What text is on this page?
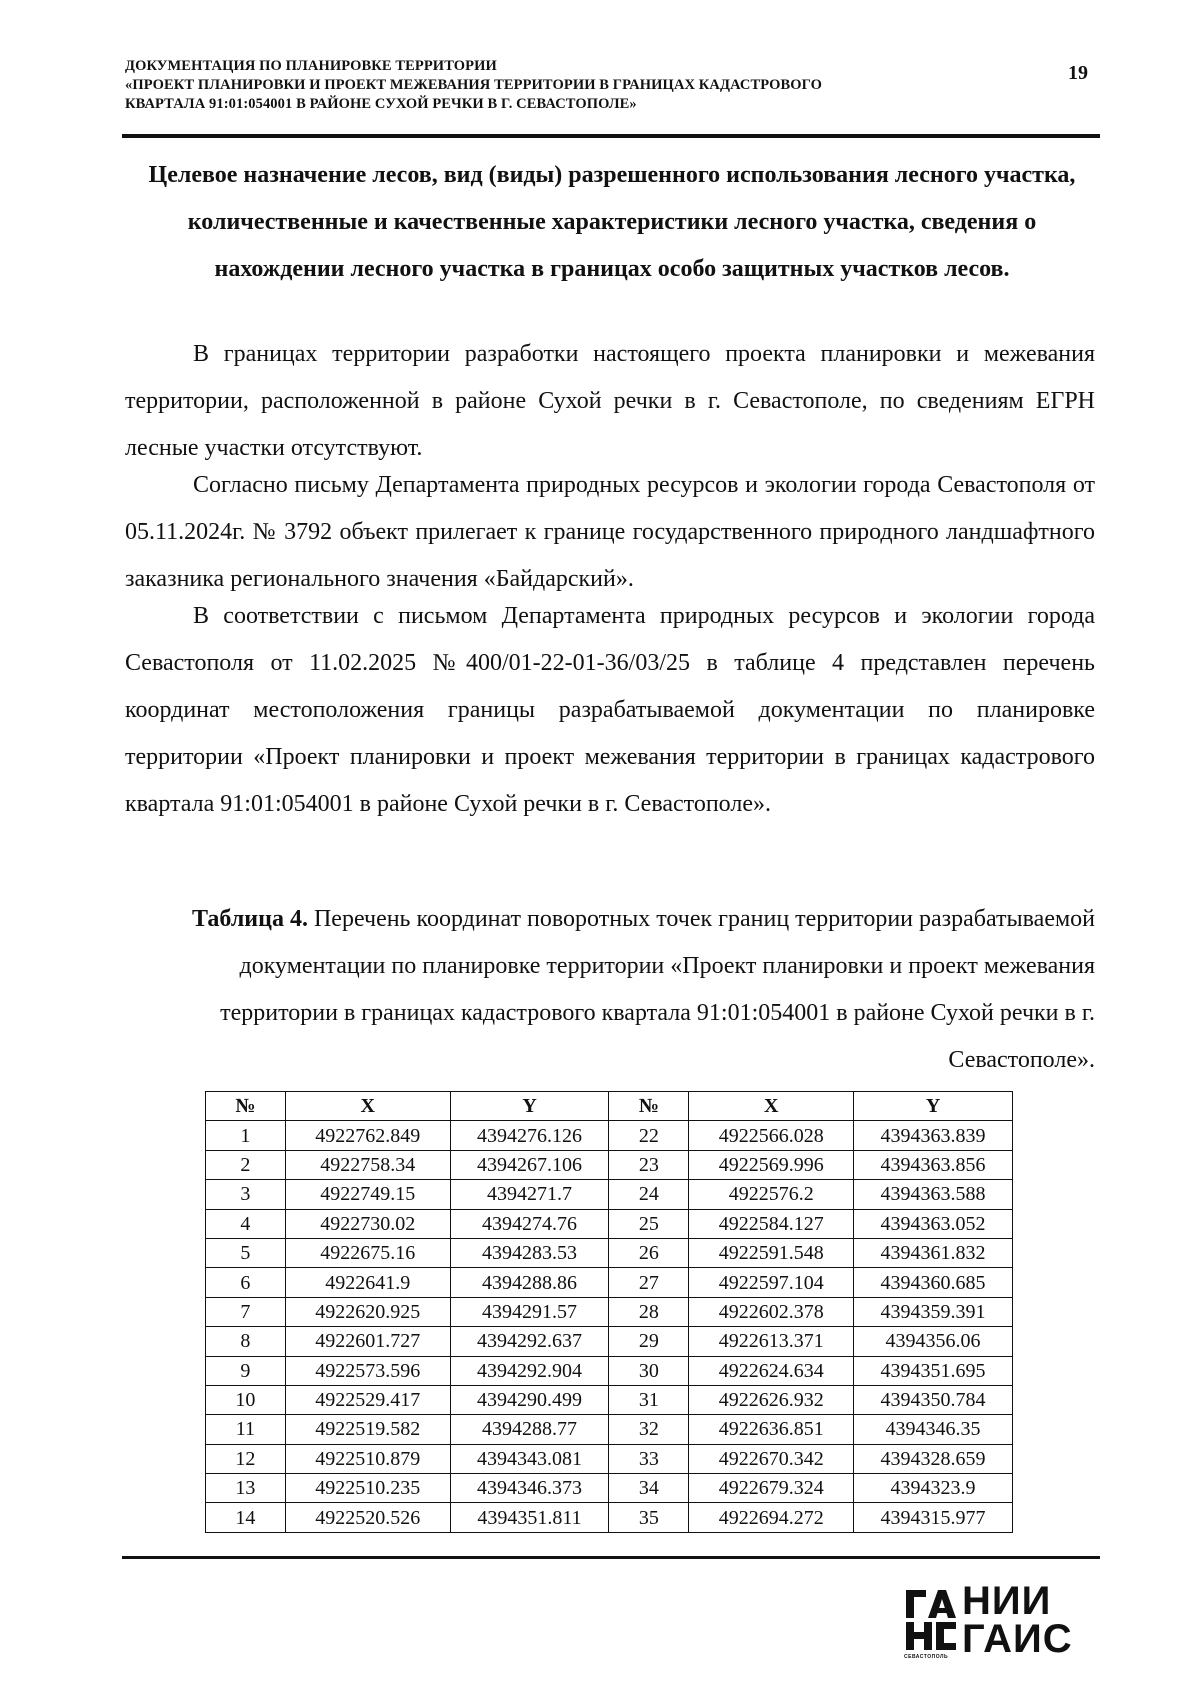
ДОКУМЕНТАЦИЯ ПО ПЛАНИРОВКЕ ТЕРРИТОРИИ
«ПРОЕКТ ПЛАНИРОВКИ И ПРОЕКТ МЕЖЕВАНИЯ ТЕРРИТОРИИ В ГРАНИЦАХ КАДАСТРОВОГО
КВАРТАЛА 91:01:054001 В РАЙОНЕ СУХОЙ РЕЧКИ В Г. СЕВАСТОПОЛЕ»
19
Целевое назначение лесов, вид (виды) разрешенного использования лесного участка, количественные и качественные характеристики лесного участка, сведения о нахождении лесного участка в границах особо защитных участков лесов.

В границах территории разработки настоящего проекта планировки и межевания территории, расположенной в районе Сухой речки в г. Севастополе, по сведениям ЕГРН лесные участки отсутствуют.

Согласно письму Департамента природных ресурсов и экологии города Севастополя от 05.11.2024г. № 3792 объект прилегает к границе государственного природного ландшафтного заказника регионального значения «Байдарский».

В соответствии с письмом Департамента природных ресурсов и экологии города Севастополя от 11.02.2025 №400/01-22-01-36/03/25 в таблице 4 представлен перечень координат местоположения границы разрабатываемой документации по планировке территории «Проект планировки и проект межевания территории в границах кадастрового квартала 91:01:054001 в районе Сухой речки в г. Севастополе».

Таблица 4. Перечень координат поворотных точек границ территории разрабатываемой документации по планировке территории «Проект планировки и проект межевания территории в границах кадастрового квартала 91:01:054001 в районе Сухой речки в г. Севастополе».
№	X	Y	№	X	Y
1	4922762.849	4394276.126	22	4922566.028	4394363.839
2	4922758.34	4394267.106	23	4922569.996	4394363.856
3	4922749.15	4394271.7	24	4922576.2	4394363.588
4	4922730.02	4394274.76	25	4922584.127	4394363.052
5	4922675.16	4394283.53	26	4922591.548	4394361.832
6	4922641.9	4394288.86	27	4922597.104	4394360.685
7	4922620.925	4394291.57	28	4922602.378	4394359.391
8	4922601.727	4394292.637	29	4922613.371	4394356.06
9	4922573.596	4394292.904	30	4922624.634	4394351.695
10	4922529.417	4394290.499	31	4922626.932	4394350.784
11	4922519.582	4394288.77	32	4922636.851	4394346.35
12	4922510.879	4394343.081	33	4922670.342	4394328.659
13	4922510.235	4394346.373	34	4922679.324	4394323.9
14	4922520.526	4394351.811	35	4922694.272	4394315.977
СЕВАСТОПОЛЬ
НИИ
ГАИС
